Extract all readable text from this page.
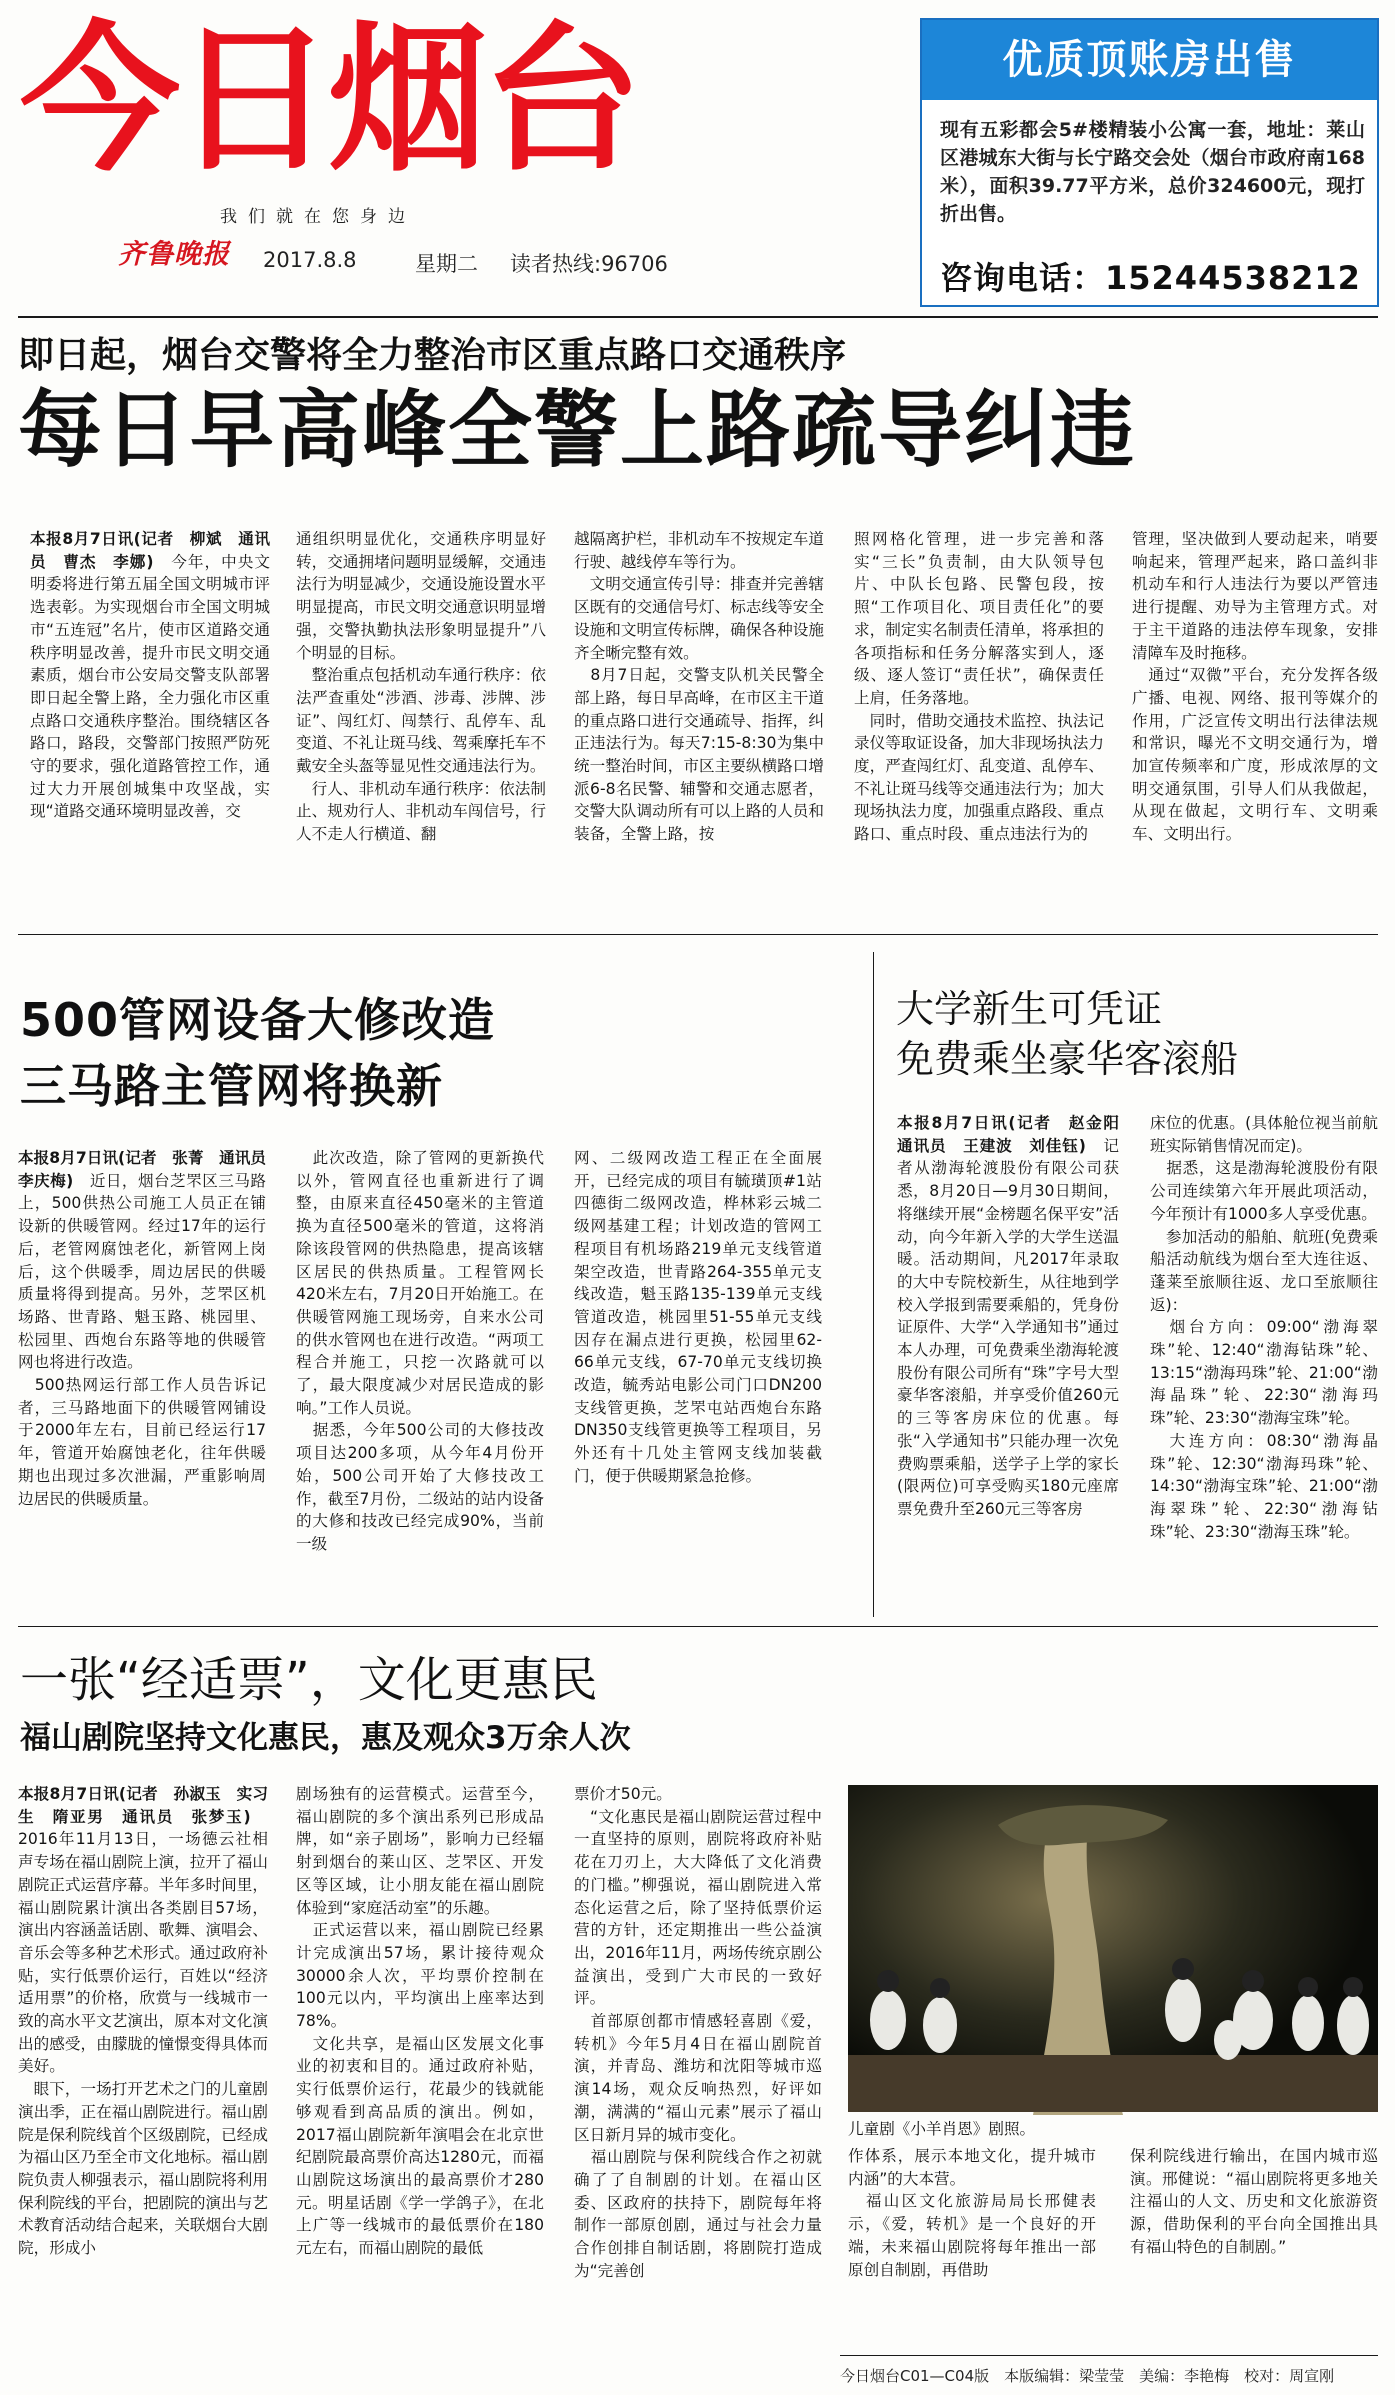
今日烟台
我们就在您身边
齐鲁晚报 2017.8.8	星期二 读者热线:96706
优质顶账房出售
现有五彩都会5#楼精装小公寓一套，地址：莱山区港城东大街与长宁路交会处（烟台市政府南168米），面积39.77平方米，总价324600元，现打折出售。
咨询电话：15244538212
即日起，烟台交警将全力整治市区重点路口交通秩序
每日早高峰全警上路疏导纠违
本报8月7日讯(记者　柳斌　通讯员　曹杰　李娜)　今年，中央文明委将进行第五届全国文明城市评选表彰。为实现烟台市全国文明城市“五连冠”名片，使市区道路交通秩序明显改善，提升市民文明交通素质，烟台市公安局交警支队部署即日起全警上路，全力强化市区重点路口交通秩序整治。围绕辖区各路口，路段，交警部门按照严防死守的要求，强化道路管控工作，通过大力开展创城集中攻坚战，实现“道路交通环境明显改善，交
通组织明显优化，交通秩序明显好转，交通拥堵问题明显缓解，交通违法行为明显减少，交通设施设置水平明显提高，市民文明交通意识明显增强，交警执勤执法形象明显提升”八个明显的目标。
　整治重点包括机动车通行秩序：依法严查重处“涉酒、涉毒、涉牌、涉证”、闯红灯、闯禁行、乱停车、乱变道、不礼让斑马线、驾乘摩托车不戴安全头盔等显见性交通违法行为。
　行人、非机动车通行秩序：依法制止、规劝行人、非机动车闯信号，行人不走人行横道、翻
越隔离护栏，非机动车不按规定车道行驶、越线停车等行为。
　文明交通宣传引导：排查并完善辖区既有的交通信号灯、标志线等安全设施和文明宣传标牌，确保各种设施齐全晰完整有效。
　8月7日起，交警支队机关民警全部上路，每日早高峰，在市区主干道的重点路口进行交通疏导、指挥，纠正违法行为。每天7:15-8:30为集中统一整治时间，市区主要纵横路口增派6-8名民警、辅警和交通志愿者，交警大队调动所有可以上路的人员和装备，全警上路，按
照网格化管理，进一步完善和落实“三长”负责制，由大队领导包片、中队长包路、民警包段，按照“工作项目化、项目责任化”的要求，制定实名制责任清单，将承担的各项指标和任务分解落实到人，逐级、逐人签订“责任状”，确保责任上肩，任务落地。
　同时，借助交通技术监控、执法记录仪等取证设备，加大非现场执法力度，严查闯红灯、乱变道、乱停车、不礼让斑马线等交通违法行为；加大现场执法力度，加强重点路段、重点路口、重点时段、重点违法行为的
管理，坚决做到人要动起来，哨要响起来，管理严起来，路口盖纠非机动车和行人违法行为要以严管违进行提醒、劝导为主管理方式。对于主干道路的违法停车现象，安排清障车及时拖移。
　通过“双微”平台，充分发挥各级广播、电视、网络、报刊等媒介的作用，广泛宣传文明出行法律法规和常识，曝光不文明交通行为，增加宣传频率和广度，形成浓厚的文明交通氛围，引导人们从我做起，从现在做起，文明行车、文明乘车、文明出行。
500管网设备大修改造
三马路主管网将换新
本报8月7日讯(记者　张菁　通讯员　李庆梅)　近日，烟台芝罘区三马路上，500供热公司施工人员正在铺设新的供暖管网。经过17年的运行后，老管网腐蚀老化，新管网上岗后，这个供暖季，周边居民的供暖质量将得到提高。另外，芝罘区机场路、世青路、魁玉路、桃园里、松园里、西炮台东路等地的供暖管网也将进行改造。
　500热网运行部工作人员告诉记者，三马路地面下的供暖管网铺设于2000年左右，目前已经运行17年，管道开始腐蚀老化，往年供暖期也出现过多次泄漏，严重影响周边居民的供暖质量。
　此次改造，除了管网的更新换代以外，管网直径也重新进行了调整，由原来直径450毫米的主管道换为直径500毫米的管道，这将消除该段管网的供热隐患，提高该辖区居民的供热质量。工程管网长420米左右，7月20日开始施工。在供暖管网施工现场旁，自来水公司的供水管网也在进行改造。“两项工程合并施工，只挖一次路就可以了，最大限度减少对居民造成的影响。”工作人员说。
　据悉，今年500公司的大修技改项目达200多项，从今年4月份开始，500公司开始了大修技改工作，截至7月份，二级站的站内设备的大修和技改已经完成90%，当前一级
网、二级网改造工程正在全面展开，已经完成的项目有毓璜顶#1站四德街二级网改造，桦林彩云城二级网基建工程；计划改造的管网工程项目有机场路219单元支线管道架空改造，世青路264-355单元支线改造，魁玉路135-139单元支线管道改造，桃园里51-55单元支线因存在漏点进行更换，松园里62-66单元支线，67-70单元支线切换改造，毓秀站电影公司门口DN200支线管更换，芝罘屯站西炮台东路DN350支线管更换等工程项目，另外还有十几处主管网支线加装截门，便于供暖期紧急抢修。
大学新生可凭证
免费乘坐豪华客滚船
本报8月7日讯(记者　赵金阳　通讯员　王建波　刘佳钰)　记者从渤海轮渡股份有限公司获悉，8月20日—9月30日期间，将继续开展“金榜题名保平安”活动，向今年新入学的大学生送温暖。活动期间，凡2017年录取的大中专院校新生，从往地到学校入学报到需要乘船的，凭身份证原件、大学“入学通知书”通过本人办理，可免费乘坐渤海轮渡股份有限公司所有“珠”字号大型豪华客滚船，并享受价值260元的三等客房床位的优惠。每张“入学通知书”只能办理一次免费购票乘船，送学子上学的家长(限两位)可享受购买180元座席票免费升至260元三等客房
床位的优惠。(具体舱位视当前航班实际销售情况而定)。
　据悉，这是渤海轮渡股份有限公司连续第六年开展此项活动，今年预计有1000多人享受优惠。
　参加活动的船舶、航班(免费乘船活动航线为烟台至大连往返、蓬莱至旅顺往返、龙口至旅顺往返)：
　烟台方向：09:00“渤海翠珠”轮、12:40“渤海钻珠”轮、13:15“渤海玛珠”轮、21:00“渤海晶珠”轮、22:30“渤海玛珠”轮、23:30“渤海宝珠”轮。
　大连方向：08:30“渤海晶珠”轮、12:30“渤海玛珠”轮、14:30“渤海宝珠”轮、21:00“渤海翠珠”轮、22:30“渤海钻珠”轮、23:30“渤海玉珠”轮。
一张“经适票”，文化更惠民
福山剧院坚持文化惠民，惠及观众3万余人次
本报8月7日讯(记者　孙淑玉　实习生　隋亚男　通讯员　张梦玉)　2016年11月13日，一场德云社相声专场在福山剧院上演，拉开了福山剧院正式运营序幕。半年多时间里，福山剧院累计演出各类剧目57场，演出内容涵盖话剧、歌舞、演唱会、音乐会等多种艺术形式。通过政府补贴，实行低票价运行，百姓以“经济适用票”的价格，欣赏与一线城市一致的高水平文艺演出，原本对文化演出的感受，由朦胧的憧憬变得具体而美好。
　眼下，一场打开艺术之门的儿童剧演出季，正在福山剧院进行。福山剧院是保利院线首个区级剧院，已经成为福山区乃至全市文化地标。福山剧院负责人柳强表示，福山剧院将利用保利院线的平台，把剧院的演出与艺术教育活动结合起来，关联烟台大剧院，形成小
剧场独有的运营模式。运营至今，福山剧院的多个演出系列已形成品牌，如“亲子剧场”，影响力已经辐射到烟台的莱山区、芝罘区、开发区等区域，让小朋友能在福山剧院体验到“家庭活动室”的乐趣。
　正式运营以来，福山剧院已经累计完成演出57场，累计接待观众30000余人次，平均票价控制在100元以内，平均演出上座率达到78%。
　文化共享，是福山区发展文化事业的初衷和目的。通过政府补贴，实行低票价运行，花最少的钱就能够观看到高品质的演出。例如，2017福山剧院新年演唱会在北京世纪剧院最高票价高达1280元，而福山剧院这场演出的最高票价才280元。明星话剧《学一学鸽子》，在北上广等一线城市的最低票价在180元左右，而福山剧院的最低
票价才50元。
　“文化惠民是福山剧院运营过程中一直坚持的原则，剧院将政府补贴花在刀刃上，大大降低了文化消费的门槛。”柳强说，福山剧院进入常态化运营之后，除了坚持低票价运营的方针，还定期推出一些公益演出，2016年11月，两场传统京剧公益演出，受到广大市民的一致好评。
　首部原创都市情感轻喜剧《爱，转机》今年5月4日在福山剧院首演，并青岛、潍坊和沈阳等城市巡演14场，观众反响热烈，好评如潮，满满的“福山元素”展示了福山区日新月异的城市变化。
　福山剧院与保利院线合作之初就确了了自制剧的计划。在福山区委、区政府的扶持下，剧院每年将制作一部原创剧，通过与社会力量合作创排自制话剧，将剧院打造成为“完善创
儿童剧《小羊肖恩》剧照。
作体系，展示本地文化，提升城市内涵”的大本营。
　福山区文化旅游局局长邢健表示，《爱，转机》是一个良好的开端，未来福山剧院将每年推出一部原创自制剧，再借助
保利院线进行输出，在国内城市巡演。邢健说：“福山剧院将更多地关注福山的人文、历史和文化旅游资源，借助保利的平台向全国推出具有福山特色的自制剧。”
今日烟台C01—C04版　本版编辑：梁莹莹　美编：李艳梅　校对：周宣刚
